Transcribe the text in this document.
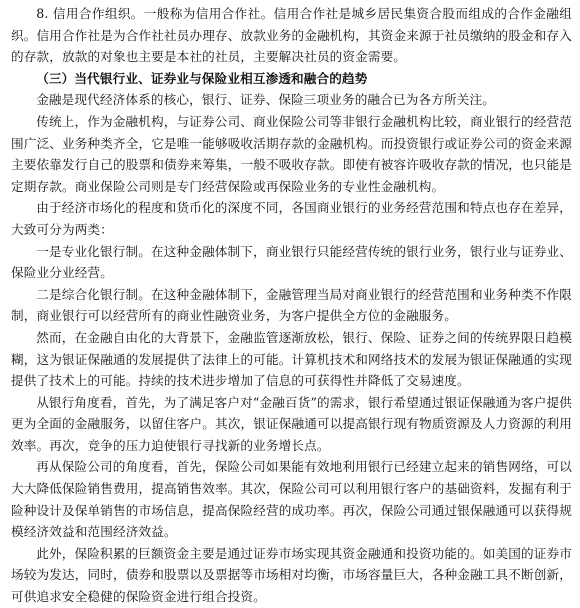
8. 信用合作组织。一般称为信用合作社。信用合作社是城乡居民集资合股而组成的合作金融组织。信用合作社是为合作社社员办理存、放款业务的金融机构，其资金来源于社员缴纳的股金和存入的存款，放款的对象也主要是本社的社员，主要解决社员的资金需要。

（三）当代银行业、证券业与保险业相互渗透和融合的趋势

金融是现代经济体系的核心，银行、证券、保险三项业务的融合已为各方所关注。

传统上，作为金融机构，与证券公司、商业保险公司等非银行金融机构比较，商业银行的经营范围广泛、业务种类齐全，它是唯一能够吸收活期存款的金融机构。而投资银行或证券公司的资金来源主要依靠发行自己的股票和债券来筹集，一般不吸收存款。即使有被容许吸收存款的情况，也只能是定期存款。商业保险公司则是专门经营保险或再保险业务的专业性金融机构。

由于经济市场化的程度和货币化的深度不同，各国商业银行的业务经营范围和特点也存在差异，大致可分为两类：

一是专业化银行制。在这种金融体制下，商业银行只能经营传统的银行业务，银行业与证券业、保险业分业经营。

二是综合化银行制。在这种金融体制下，金融管理当局对商业银行的经营范围和业务种类不作限制，商业银行可以经营所有的商业性融资业务，为客户提供全方位的金融服务。

然而，在金融自由化的大背景下，金融监管逐渐放松，银行、保险、证券之间的传统界限日趋模糊，这为银证保融通的发展提供了法律上的可能。计算机技术和网络技术的发展为银证保融通的实现提供了技术上的可能。持续的技术进步增加了信息的可获得性并降低了交易速度。

从银行角度看，首先，为了满足客户对“金融百货”的需求，银行希望通过银证保融通为客户提供更为全面的金融服务，以留住客户。其次，银证保融通可以提高银行现有物质资源及人力资源的利用效率。再次，竞争的压力迫使银行寻找新的业务增长点。

再从保险公司的角度看，首先，保险公司如果能有效地利用银行已经建立起来的销售网络，可以大大降低保险销售费用，提高销售效率。其次，保险公司可以利用银行客户的基础资料，发掘有利于险种设计及保单销售的市场信息，提高保险经营的成功率。再次，保险公司通过银保融通可以获得规模经济效益和范围经济效益。

此外，保险积累的巨额资金主要是通过证券市场实现其资金融通和投资功能的。如美国的证券市场较为发达，同时，债券和股票以及票据等市场相对均衡，市场容量巨大，各种金融工具不断创新，可供追求安全稳健的保险资金进行组合投资。
